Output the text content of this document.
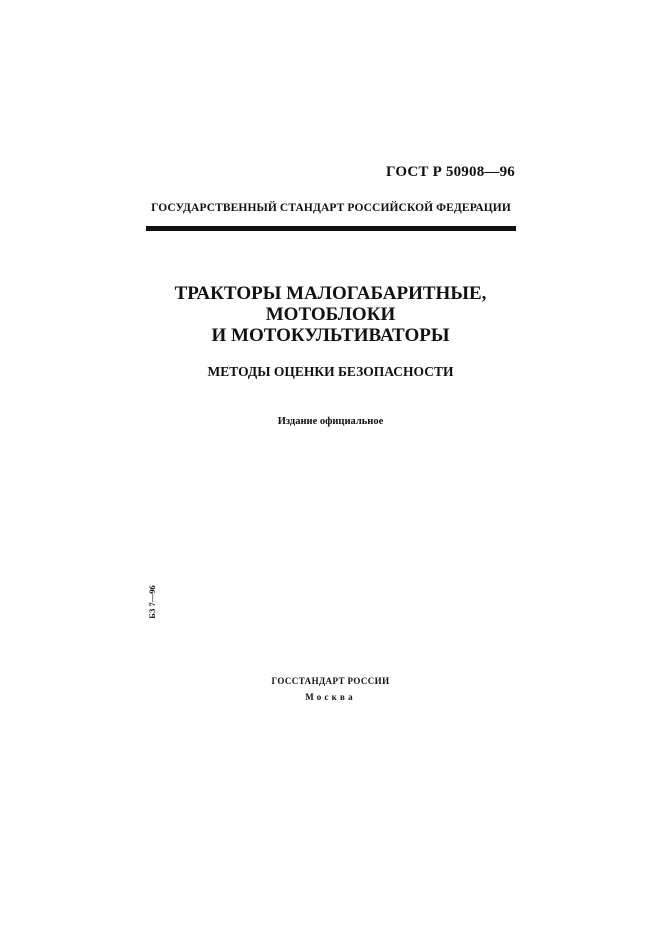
ГОСТ Р 50908—96
ГОСУДАРСТВЕННЫЙ СТАНДАРТ РОССИЙСКОЙ ФЕДЕРАЦИИ
ТРАКТОРЫ МАЛОГАБАРИТНЫЕ,
МОТОБЛОКИ
И МОТОКУЛЬТИВАТОРЫ
МЕТОДЫ ОЦЕНКИ БЕЗОПАСНОСТИ
Издание официальное
БЗ 7—96
ГОССТАНДАРТ РОССИИ
Москва
